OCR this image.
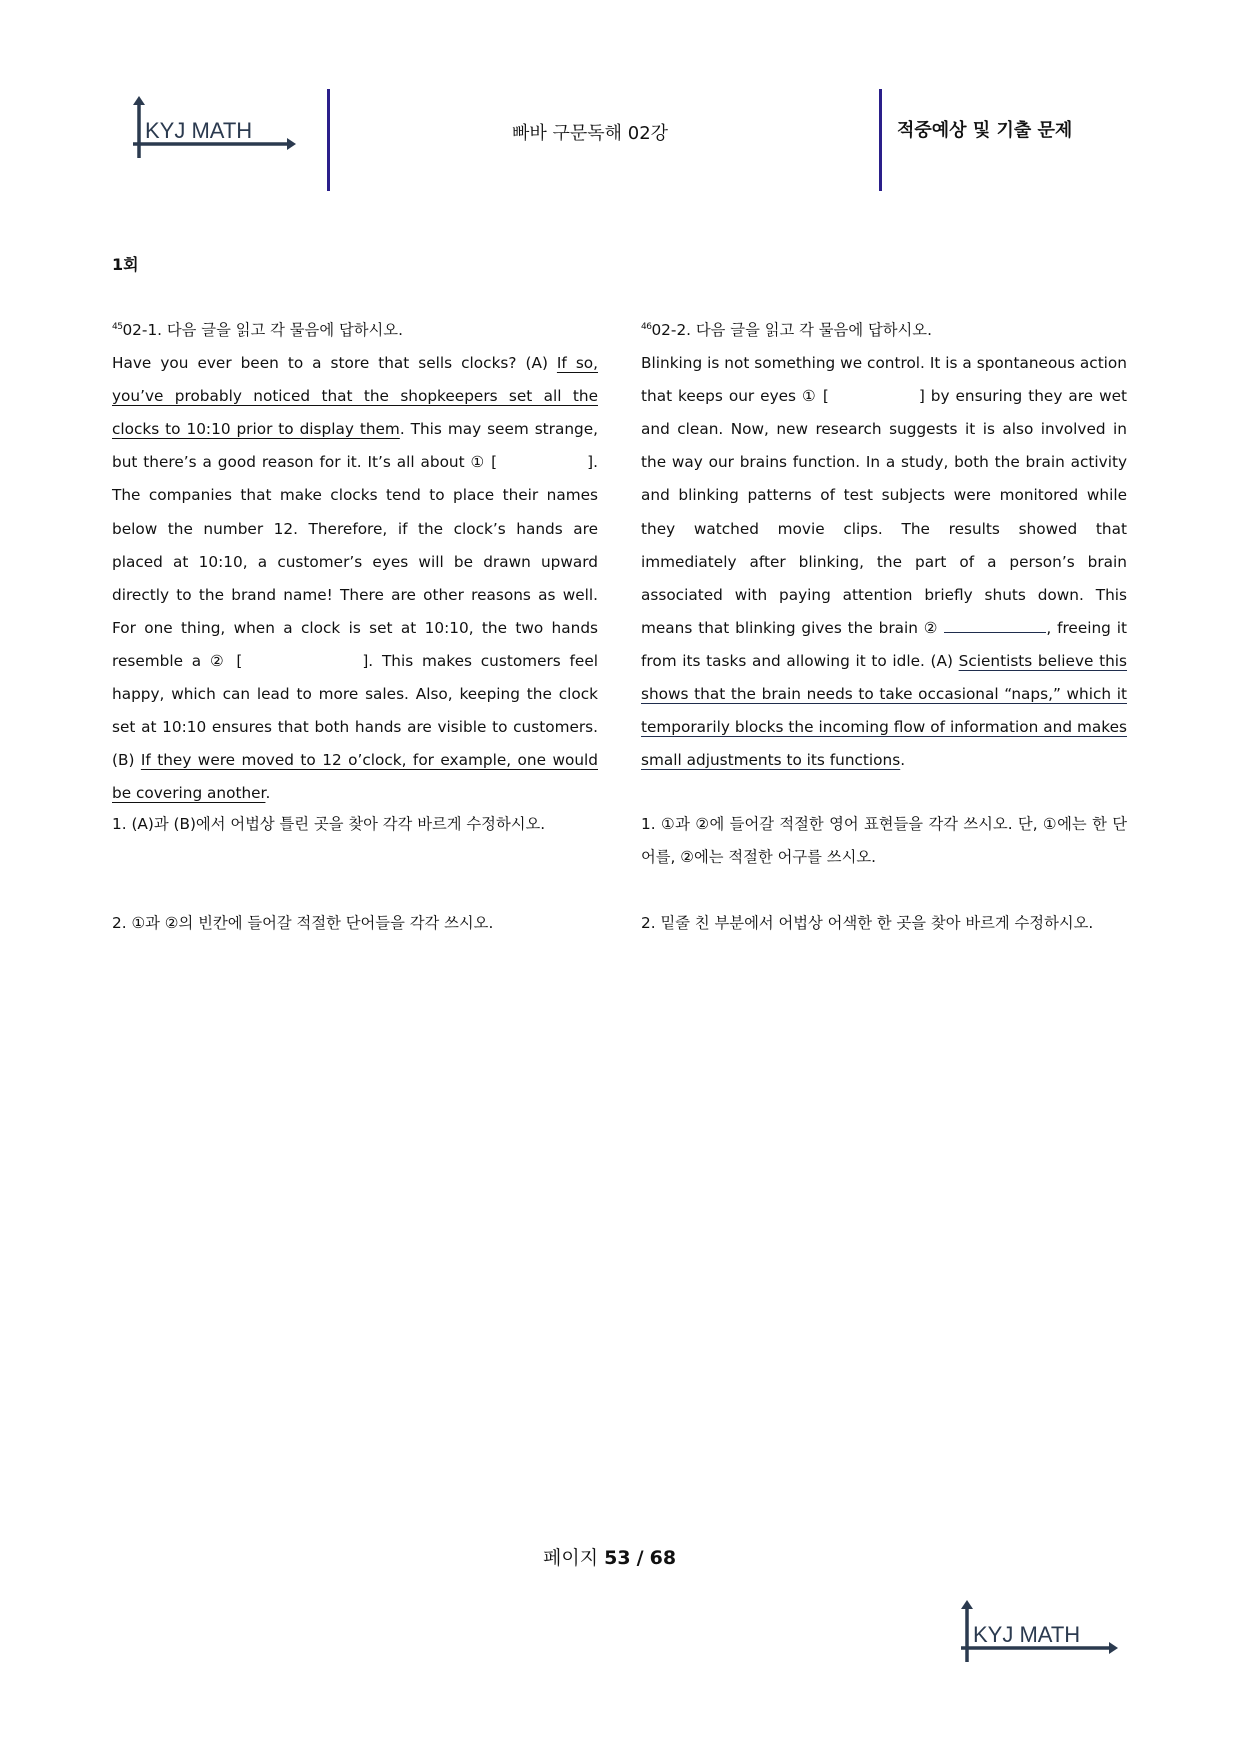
KYJ MATH	빠바 구문독해 02강	적중예상 및 기출 문제
1회

$^{45}$02-1. 다음 글을 읽고 각 물음에 답하시오.

Have you ever been to a store that sells clocks? (A) If so, you’ve probably noticed that the shopkeepers set all the clocks to 10:10 prior to display them. This may seem strange, but there’s a good reason for it. It’s all about ① [	]. The companies that make clocks tend to place their names below the number 12. Therefore, if the clock’s hands are placed at 10:10, a customer’s eyes will be drawn upward directly to the brand name! There are other reasons as well. For one thing, when a clock is set at 10:10, the two hands resemble a ② [	]. This makes customers feel happy, which can lead to more sales. Also, keeping the clock set at 10:10 ensures that both hands are visible to customers. (B) If they were moved to 12 o’clock, for example, one would be covering another.

1. (A)과 (B)에서 어법상 틀린 곳을 찾아 각각 바르게 수정하시오.
2. ①과 ②의 빈칸에 들어갈 적절한 단어들을 각각 쓰시오.

$^{46}$02-2. 다음 글을 읽고 각 물음에 답하시오.

Blinking is not something we control. It is a spontaneous action that keeps our eyes ① [	] by ensuring they are wet and clean. Now, new research suggests it is also involved in the way our brains function. In a study, both the brain activity and blinking patterns of test subjects were monitored while they watched movie clips. The results showed that immediately after blinking, the part of a person’s brain associated with paying attention briefly shuts down. This means that blinking gives the brain ②	, freeing it from its tasks and allowing it to idle. (A) Scientists believe this shows that the brain needs to take occasional “naps,” which it temporarily blocks the incoming flow of information and makes small adjustments to its functions.

1. ①과 ②에 들어갈 적절한 영어 표현들을 각각 쓰시오. 단, ①에는 한 단어를, ②에는 적절한 어구를 쓰시오.
2. 밑줄 친 부분에서 어법상 어색한 한 곳을 찾아 바르게 수정하시오.
페이지 53 / 68
KYJ MATH
